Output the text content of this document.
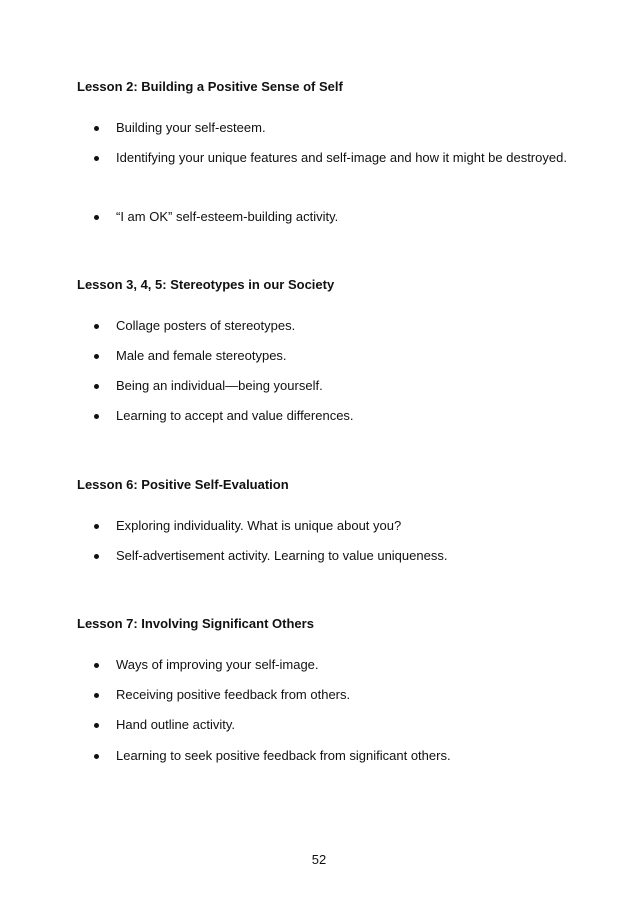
Lesson 2: Building a Positive Sense of Self
Building your self-esteem.
Identifying your unique features and self-image and how it might be destroyed.
“I am OK” self-esteem-building activity.
Lesson 3, 4, 5: Stereotypes in our Society
Collage posters of stereotypes.
Male and female stereotypes.
Being an individual—being yourself.
Learning to accept and value differences.
Lesson 6: Positive Self-Evaluation
Exploring individuality. What is unique about you?
Self-advertisement activity. Learning to value uniqueness.
Lesson 7: Involving Significant Others
Ways of improving your self-image.
Receiving positive feedback from others.
Hand outline activity.
Learning to seek positive feedback from significant others.
52
